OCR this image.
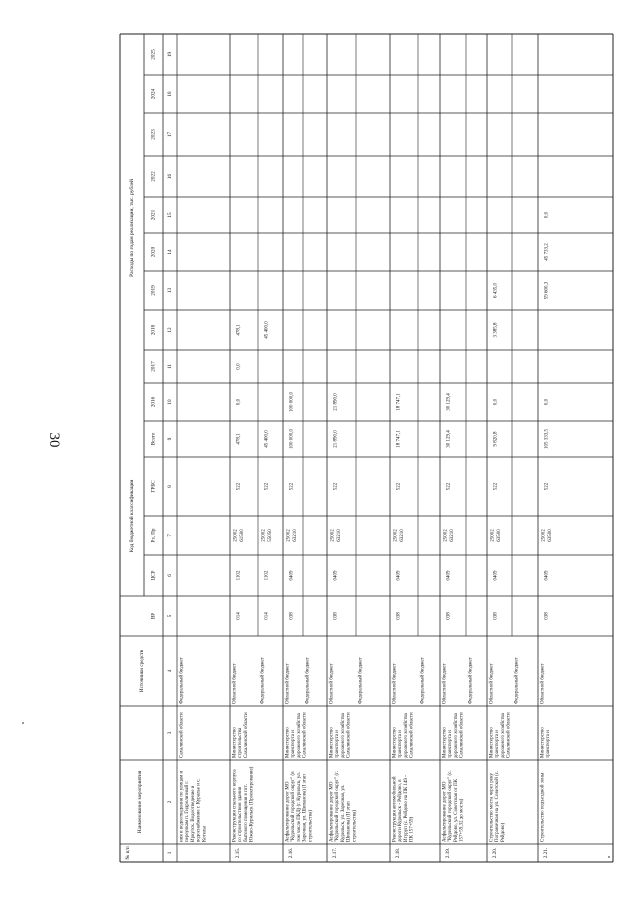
30
Расходы по годам реализации, тыс. рублей
Код бюджетной классификации
Источники средств
Наименование мероприятия
№ п/п
2016
2017
2018
2019
2020
2021
2022
2023
2024
2025
Всего
ВР
ЦСР
Рз, Пр
ГРБС
1
2
3
4
5
6
7
8
9
10
11
12
13
14
15
16
17
18
19
ния и водоотведения по улицам и переулкам п. Гидролизный г. Иркутск. Водоотведение и водоснабжение г. Куралье и с. Котелы
Сахалинской области
Федеральный бюджет
2.15.
Реконструкция спального корпуса со строительством здания бытового помещения в пгт. Южно-Курильск (Проектирование)
Министерство строительства Сахалинской области
Областной бюджет
014
1102
25002 61500
522
478,1
0,0
0,0
478,1
Федеральный бюджет
014
1102
25002 55050
522
45 400,0
45 400,0
2.16.
Асфальтирование дорог МО "Курильский городской округ" (в том числе ПКД) (г. Курильск, ул. Заречная, ул. Шипанова) (I этап строительства)
Министерство транспорта и дорожного хозяйства Сахалинской области
Областной бюджет
038
0409
25002 63210
522
100 000,0
100 000,0
Федеральный бюджет
2.17.
Асфальтирование дорог МО "Курильский городской округ" (г. Курильск, ул. Заречная, ул. Шипанова) (II этап строительства)
Министерство транспорта и дорожного хозяйства Сахалинской области
Областной бюджет
038
0409
25002 63210
522
21 890,0
21 890,0
Федеральный бюджет
2.18.
Реконструкция автомобильной дороги Курильск - Рейдово, в Итуруп (с. Рейдово на ПК 149 - ПК 157+59)
Министерство транспорта и дорожного хозяйства Сахалинской области
Областной бюджет
038
0409
25002 63210
522
18 747,1
18 747,1
Федеральный бюджет
2.19.
Асфальтирование дорог МО "Курильский городской округ" (с. Рейдово, ул. Советская от ПК 157+59,32 до моста)
Министерство транспорта и дорожного хозяйства Сахалинской области
Областной бюджет
038
0409
25002 63210
522
30 129,4
30 129,4
Федеральный бюджет
2.20.
Строительство моста через реку Пограничная на ул. Советской (с. Рейдово)
Министерство транспорта и дорожного хозяйства Сахалинской области
Областной бюджет
038
0409
25002 63500
522
9 820,8
0,0
3 385,8
6 435,0
Федеральный бюджет
2.21.
Строительство подъездной зоны
Министерство транспорта и
Областной бюджет
038
0409
25002 63500
522
105 333,5
0,0
59 600,3
45 733,2
0,0
